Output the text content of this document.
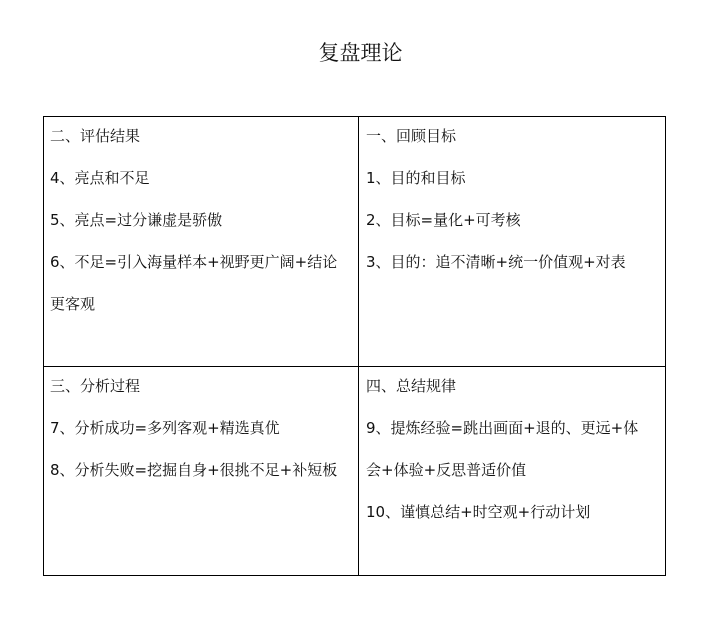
复盘理论
二、评估结果
4、亮点和不足
5、亮点=过分谦虚是骄傲
6、不足=引入海量样本+视野更广阔+结论
更客观
一、回顾目标
1、目的和目标
2、目标=量化+可考核
3、目的：追不清晰+统一价值观+对表
三、分析过程
7、分析成功=多列客观+精选真优
8、分析失败=挖掘自身+很挑不足+补短板
四、总结规律
9、提炼经验=跳出画面+退的、更远+体
会+体验+反思普适价值
10、谨慎总结+时空观+行动计划
